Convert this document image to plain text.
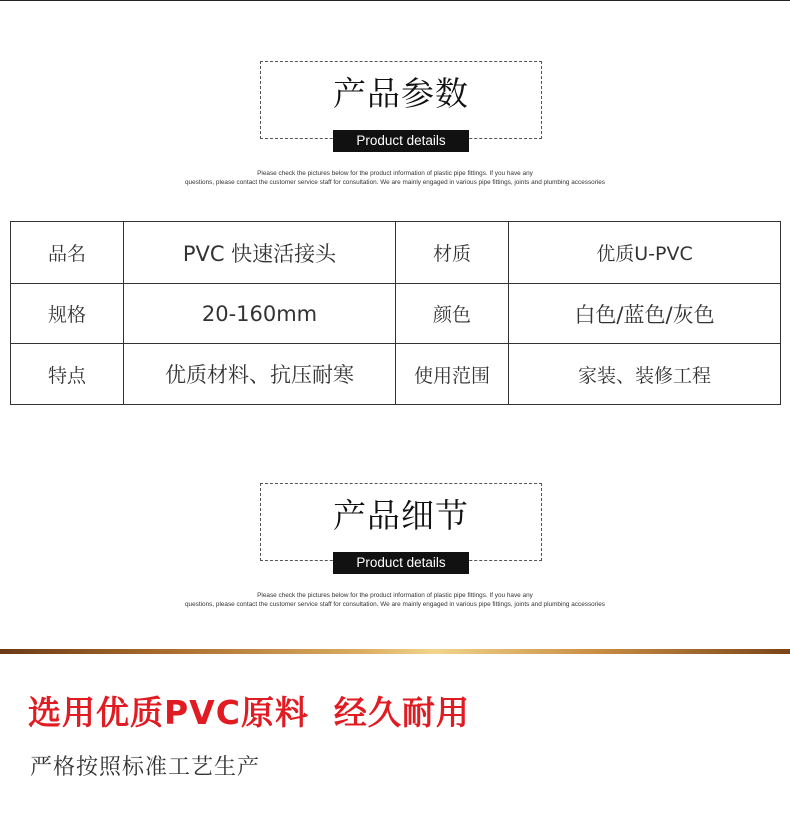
产品参数
Product details
Please check the pictures below for the product information of plastic pipe fittings. If you have any
questions, please contact the customer service staff for consultation. We are mainly engaged in various pipe fittings, joints and plumbing accessories
品名	PVC 快速活接头	材质	优质U-PVC
规格	20-160mm	颜色	白色/蓝色/灰色
特点	优质材料、抗压耐寒	使用范围	家装、装修工程
产品细节
Product details
Please check the pictures below for the product information of plastic pipe fittings. If you have any
questions, please contact the customer service staff for consultation. We are mainly engaged in various pipe fittings, joints and plumbing accessories
选用优质PVC原料  经久耐用
严格按照标准工艺生产
